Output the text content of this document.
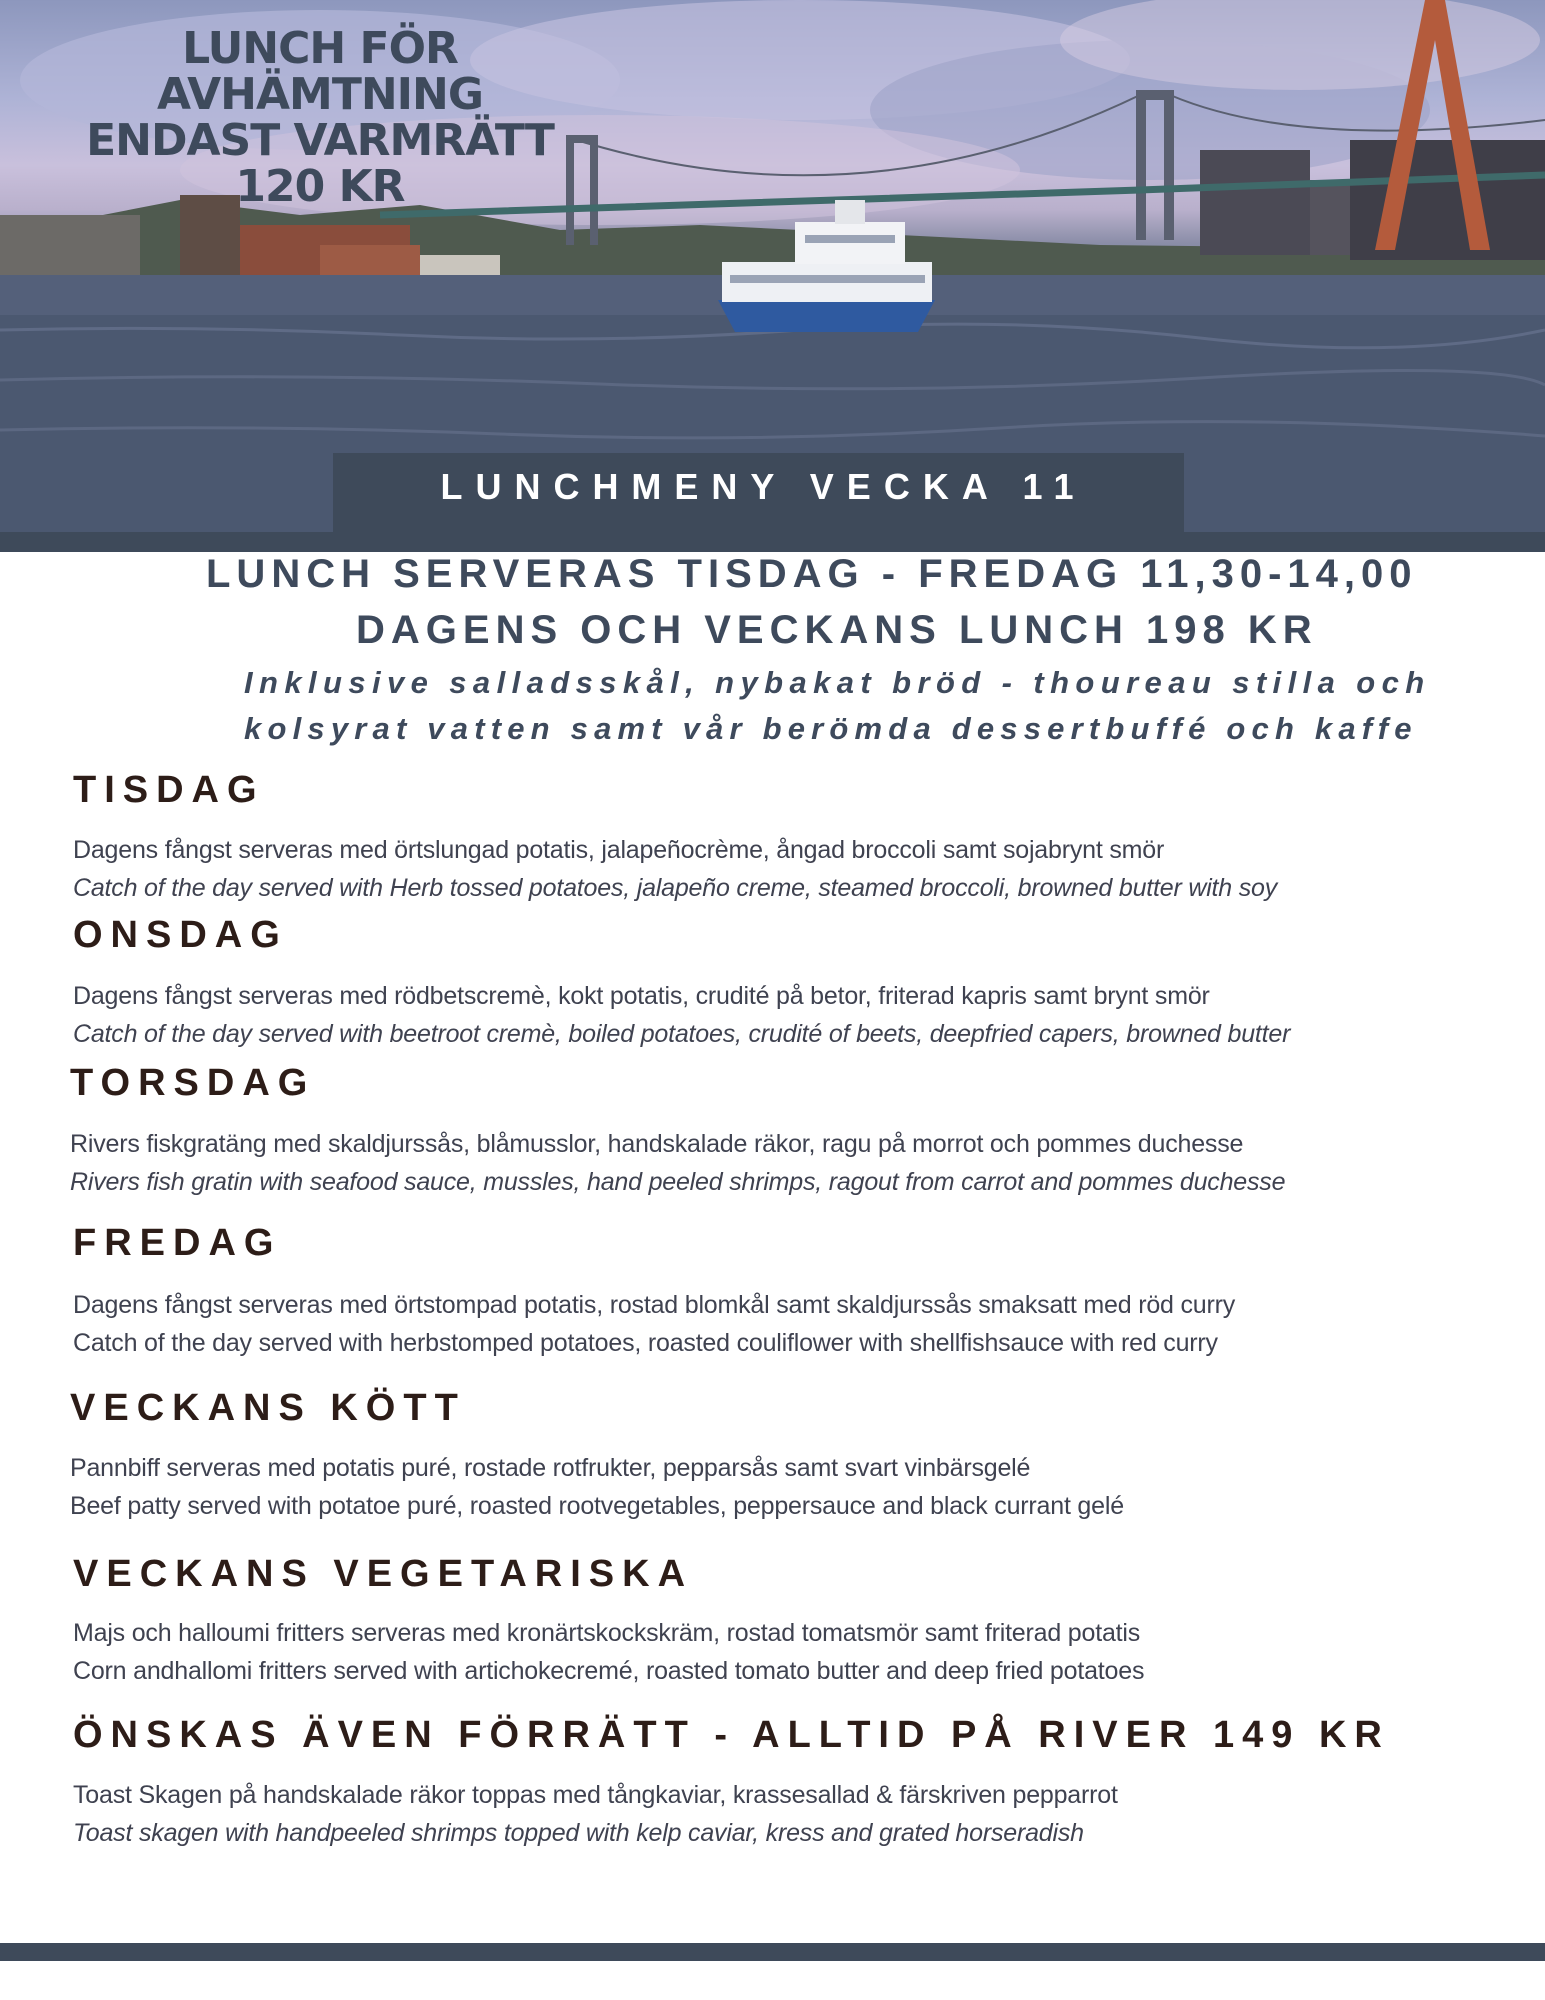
LUNCH FÖR
AVHÄMTNING
ENDAST VARMRÄTT
120 KR
LUNCHMENY VECKA 11
LUNCH SERVERAS TISDAG - FREDAG 11,30-14,00
DAGENS OCH VECKANS LUNCH 198 KR
Inklusive salladsskål, nybakat bröd - thoureau stilla och
kolsyrat vatten samt vår berömda dessertbuffé och kaffe
TISDAG
Dagens fångst serveras med örtslungad potatis, jalapeñocrème, ångad broccoli samt sojabrynt smör
Catch of the day served with Herb tossed potatoes, jalapeño creme, steamed broccoli, browned butter with soy
ONSDAG
Dagens fångst serveras med rödbetscremè, kokt potatis, crudité på betor, friterad kapris samt brynt smör
Catch of the day served with beetroot cremè, boiled potatoes, crudité of beets, deepfried capers, browned butter
TORSDAG
Rivers fiskgratäng med skaldjurssås, blåmusslor, handskalade räkor, ragu på morrot och pommes duchesse
Rivers fish gratin with seafood sauce, mussles, hand peeled shrimps, ragout from carrot and pommes duchesse
FREDAG
Dagens fångst serveras med örtstompad potatis, rostad blomkål samt skaldjurssås smaksatt med röd curry
Catch of the day served with herbstomped potatoes, roasted couliflower with shellfishsauce with red curry
VECKANS KÖTT
Pannbiff serveras med potatis puré, rostade rotfrukter, pepparsås samt svart vinbärsgelé
Beef patty served with potatoe puré, roasted rootvegetables, peppersauce and black currant gelé
VECKANS VEGETARISKA
Majs och halloumi fritters serveras med kronärtskockskräm, rostad tomatsmör samt friterad potatis
Corn andhallomi fritters served with artichokecremé, roasted tomato butter and deep fried potatoes
ÖNSKAS ÄVEN FÖRRÄTT - ALLTID PÅ RIVER 149 KR
Toast Skagen på handskalade räkor toppas med tångkaviar, krassesallad & färskriven pepparrot
Toast skagen with handpeeled shrimps topped with kelp caviar, kress and grated horseradish
